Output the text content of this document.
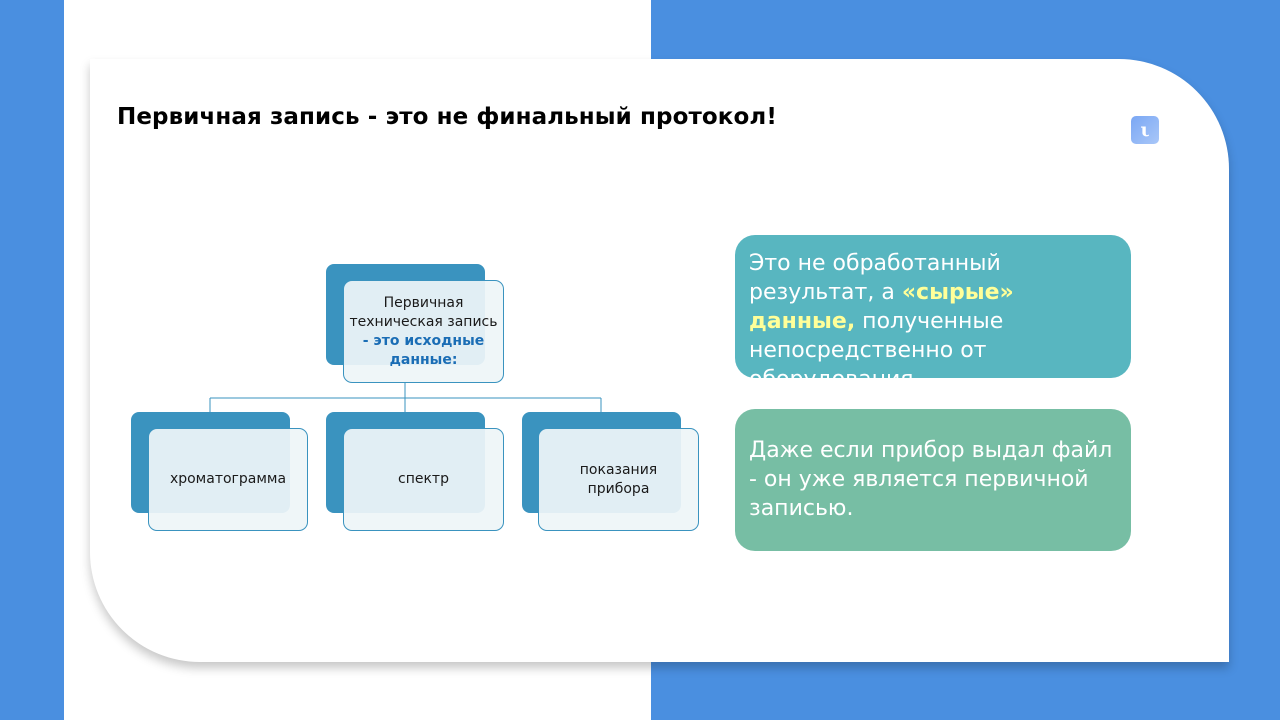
Первичная запись - это не финальный протокол!	ι
Первичная
техническая запись
- это исходные
данные:
хроматограмма	спектр
показания
прибора
Это не обработанный результат, а «сырые» данные, полученные непосредственно от оборудования.
Даже если прибор выдал файл - он уже является первичной записью.
